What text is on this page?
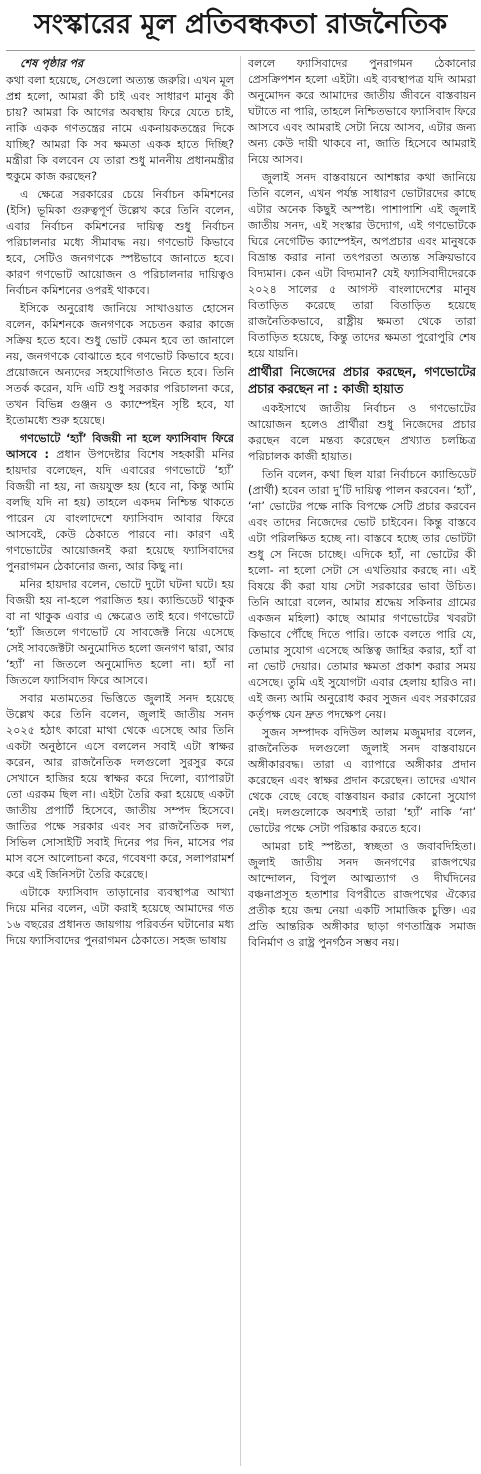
সংস্কারের মূল প্রতিবন্ধকতা রাজনৈতিক
শেষ পৃষ্ঠার পর

কথা বলা হয়েছে, সেগুলো অত্যন্ত জরুরি। এখন মূল প্রশ্ন হলো, আমরা কী চাই এবং সাধারণ মানুষ কী চায়? আমরা কি আগের অবস্থায় ফিরে যেতে চাই, নাকি একক গণতন্ত্রের নামে একনায়কতন্ত্রের দিকে যাচ্ছি? আমরা কি সব ক্ষমতা একক হাতে দিচ্ছি? মন্ত্রীরা কি বলবেন যে তারা শুধু মাননীয় প্রধানমন্ত্রীর হুকুমে কাজ করছেন?

এ ক্ষেত্রে সরকারের চেয়ে নির্বাচন কমিশনের (ইসি) ভূমিকা গুরুত্বপূর্ণ উল্লেখ করে তিনি বলেন, এবার নির্বাচন কমিশনের দায়িত্ব শুধু নির্বাচন পরিচালনার মধ্যে সীমাবদ্ধ নয়। গণভোট কিভাবে হবে, সেটিও জনগণকে স্পষ্টভাবে জানাতে হবে। কারণ গণভোট আয়োজন ও পরিচালনার দায়িত্বও নির্বাচন কমিশনের ওপরই থাকবে।

ইসিকে অনুরোধ জানিয়ে সাখাওয়াত হোসেন বলেন, কমিশনকে জনগণকে সচেতন করার কাজে সক্রিয় হতে হবে। শুধু ভোট কেমন হবে তা জানালে নয়, জনগণকে বোঝাতে হবে গণভোট কিভাবে হবে। প্রয়োজনে অন্যদের সহযোগিতাও নিতে হবে। তিনি সতর্ক করেন, যদি এটি শুধু সরকার পরিচালনা করে, তখন বিভিন্ন গুঞ্জন ও ক্যাম্পেইন সৃষ্টি হবে, যা ইতোমধ্যে শুরু হয়েছে।

গণভোটে ‘হ্যাঁ’ বিজয়ী না হলে ফ্যাসিবাদ ফিরে আসবে : প্রধান উপদেষ্টার বিশেষ সহকারী মনির হায়দার বলেছেন, যদি এবারের গণভোটে ‘হ্যাঁ’ বিজয়ী না হয়, না জয়যুক্ত হয় (হবে না, কিন্তু আমি বলছি যদি না হয়) তাহলে একদম নিশ্চিন্ত থাকতে পারেন যে বাংলাদেশে ফ্যাসিবাদ আবার ফিরে আসবেই, কেউ ঠেকাতে পারবে না। কারণ এই গণভোটের আয়োজনই করা হয়েছে ফ্যাসিবাদের পুনরাগমন ঠেকানোর জন্য, আর কিছু না।

মনির হায়দার বলেন, ভোটে দুটো ঘটনা ঘটে। হয় বিজয়ী হয় না-হলে পরাজিত হয়। ক্যান্ডিডেট থাকুক বা না থাকুক এবার এ ক্ষেত্রেও তাই হবে। গণভোটে ‘হ্যাঁ’ জিতলে গণভোট যে সাবজেক্ট নিয়ে এসেছে সেই সাবজেক্টটা অনুমোদিত হলো জনগণ দ্বারা, আর ‘হ্যাঁ’ না জিতলে অনুমোদিত হলো না। হ্যাঁ না জিতলে ফ্যাসিবাদ ফিরে আসবে।

সবার মতামতের ভিত্তিতে জুলাই সনদ হয়েছে উল্লেখ করে তিনি বলেন, জুলাই জাতীয় সনদ ২০২৫ হঠাৎ কারো মাথা থেকে এসেছে আর তিনি একটা অনুষ্ঠানে এসে বললেন সবাই এটা স্বাক্ষর করেন, আর রাজনৈতিক দলগুলো সুরসুর করে সেখানে হাজির হয়ে স্বাক্ষর করে দিলো, ব্যাপারটা তো এরকম ছিল না। এইটা তৈরি করা হয়েছে একটা জাতীয় প্রপার্টি হিসেবে, জাতীয় সম্পদ হিসেবে। জাতির পক্ষে সরকার এবং সব রাজনৈতিক দল, সিভিল সোসাইটি সবাই দিনের পর দিন, মাসের পর মাস বসে আলোচনা করে, গবেষণা করে, সলাপরামর্শ করে এই জিনিসটা তৈরি করেছে।

এটাকে ফ্যাসিবাদ তাড়ানোর ব্যবস্থাপত্র আখ্যা দিয়ে মনির বলেন, এটা করাই হয়েছে আমাদের গত ১৬ বছরের প্রধানত জায়গায় পরিবর্তন ঘটানোর মধ্য দিয়ে ফ্যাসিবাদের পুনরাগমন ঠেকাতে। সহজ ভাষায়

বললে ফ্যাসিবাদের পুনরাগমন ঠেকানোর প্রেসক্রিপশন হলো এইটা। এই ব্যবস্থাপত্র যদি আমরা অনুমোদন করে আমাদের জাতীয় জীবনে বাস্তবায়ন ঘটাতে না পারি, তাহলে নিশ্চিতভাবে ফ্যাসিবাদ ফিরে আসবে এবং আমরাই সেটা নিয়ে আসব, এটার জন্য অন্য কেউ দায়ী থাকবে না, জাতি হিসেবে আমরাই নিয়ে আসব।

জুলাই সনদ বাস্তবায়নে আশঙ্কার কথা জানিয়ে তিনি বলেন, এখন পর্যন্ত সাধারণ ভোটারদের কাছে এটার অনেক কিছুই অস্পষ্ট। পাশাপাশি এই জুলাই জাতীয় সনদ, এই সংস্কার উদ্যোগ, এই গণভোটকে ঘিরে নেগেটিভ ক্যাম্পেইন, অপপ্রচার এবং মানুষকে বিভ্রান্ত করার নানা তৎপরতা অত্যন্ত সক্রিয়ভাবে বিদ্যমান। কেন এটা বিদ্যমান? যেই ফ্যাসিবাদীদেরকে ২০২৪ সালের ৫ আগস্ট বাংলাদেশের মানুষ বিতাড়িত করেছে তারা বিতাড়িত হয়েছে রাজনৈতিকভাবে, রাষ্ট্রীয় ক্ষমতা থেকে তারা বিতাড়িত হয়েছে, কিন্তু তাদের ক্ষমতা পুরোপুরি শেষ হয়ে যায়নি।

প্রার্থীরা নিজেদের প্রচার করছেন, গণভোটের প্রচার করছেন না : কাজী হায়াত

একইসাথে জাতীয় নির্বাচন ও গণভোটের আয়োজন হলেও প্রার্থীরা শুধু নিজেদের প্রচার করছেন বলে মন্তব্য করেছেন প্রখ্যাত চলচ্চিত্র পরিচালক কাজী হায়াত।

তিনি বলেন, কথা ছিল যারা নির্বাচনে ক্যান্ডিডেট (প্রার্থী) হবেন তারা দু’টি দায়িত্ব পালন করবেন। ‘হ্যাঁ’, ‘না’ ভোটের পক্ষে নাকি বিপক্ষে সেটি প্রচার করবেন এবং তাদের নিজেদের ভোট চাইবেন। কিন্তু বাস্তবে এটা পরিলক্ষিত হচ্ছে না। বাস্তবে হচ্ছে তার ভোটটা শুধু সে নিজে চাচ্ছে। এদিকে হ্যাঁ, না ভোটের কী হলো- না হলো সেটা সে এখতিয়ার করছে না। এই বিষয়ে কী করা যায় সেটা সরকারের ভাবা উচিত। তিনি আরো বলেন, আমার শ্রদ্ধেয় সকিনার গ্রামের একজন মহিলা) কাছে আমার গণভোটের খবরটা কিভাবে পৌঁছে দিতে পারি। তাকে বলতে পারি যে, তোমার সুযোগ এসেছে অস্তিত্ব জাহির করার, হ্যাঁ বা না ভোট দেয়ার। তোমার ক্ষমতা প্রকাশ করার সময় এসেছে। তুমি এই সুযোগটা এবার হেলায় হারিও না। এই জন্য আমি অনুরোধ করব সুজন এবং সরকারের কর্তৃপক্ষ যেন দ্রুত পদক্ষেপ নেয়।

সুজন সম্পাদক বদিউল আলম মজুমদার বলেন, রাজনৈতিক দলগুলো জুলাই সনদ বাস্তবায়নে অঙ্গীকারবদ্ধ। তারা এ ব্যাপারে অঙ্গীকার প্রদান করেছেন এবং স্বাক্ষর প্রদান করেছেন। তাদের এখান থেকে বেছে বেছে বাস্তবায়ন করার কোনো সুযোগ নেই। দলগুলোকে অবশ্যই তারা ‘হ্যাঁ’ নাকি ‘না’ ভোটের পক্ষে সেটা পরিষ্কার করতে হবে।

আমরা চাই স্পষ্টতা, স্বচ্ছতা ও জবাবদিহিতা। জুলাই জাতীয় সনদ জনগণের রাজপথের আন্দোলন, বিপুল আত্মত্যাগ ও দীর্ঘদিনের বঞ্চনাপ্রসূত হতাশার বিপরীতে রাজপথের ঐক্যের প্রতীক হয়ে জন্ম নেয়া একটি সামাজিক চুক্তি। এর প্রতি আন্তরিক অঙ্গীকার ছাড়া গণতান্ত্রিক সমাজ বিনির্মাণ ও রাষ্ট্র পুনর্গঠন সম্ভব নয়।
